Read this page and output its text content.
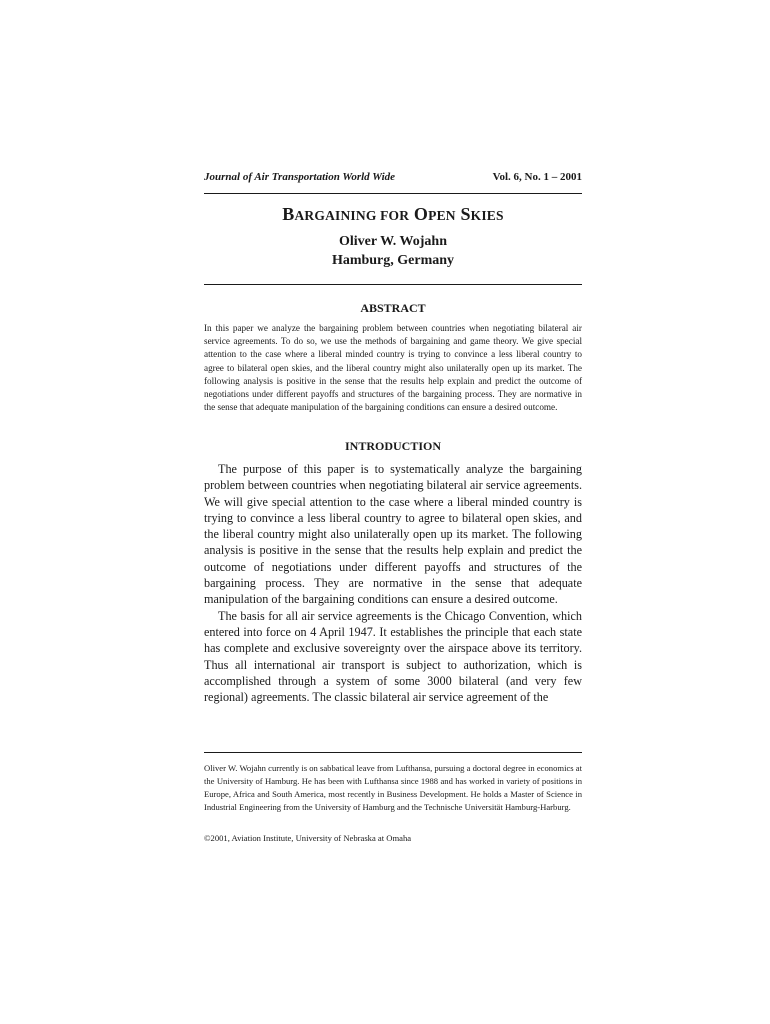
Journal of Air Transportation World Wide	Vol. 6, No. 1 – 2001
BARGAINING FOR OPEN SKIES
Oliver W. Wojahn
Hamburg, Germany
ABSTRACT
In this paper we analyze the bargaining problem between countries when negotiating bilateral air service agreements. To do so, we use the methods of bargaining and game theory. We give special attention to the case where a liberal minded country is trying to convince a less liberal country to agree to bilateral open skies, and the liberal country might also unilaterally open up its market. The following analysis is positive in the sense that the results help explain and predict the outcome of negotiations under different payoffs and structures of the bargaining process. They are normative in the sense that adequate manipulation of the bargaining conditions can ensure a desired outcome.
INTRODUCTION

The purpose of this paper is to systematically analyze the bargaining problem between countries when negotiating bilateral air service agreements. We will give special attention to the case where a liberal minded country is trying to convince a less liberal country to agree to bilateral open skies, and the liberal country might also unilaterally open up its market. The following analysis is positive in the sense that the results help explain and predict the outcome of negotiations under different payoffs and structures of the bargaining process. They are normative in the sense that adequate manipulation of the bargaining conditions can ensure a desired outcome.

The basis for all air service agreements is the Chicago Convention, which entered into force on 4 April 1947. It establishes the principle that each state has complete and exclusive sovereignty over the airspace above its territory. Thus all international air transport is subject to authorization, which is accomplished through a system of some 3000 bilateral (and very few regional) agreements. The classic bilateral air service agreement of the

Oliver W. Wojahn currently is on sabbatical leave from Lufthansa, pursuing a doctoral degree in economics at the University of Hamburg. He has been with Lufthansa since 1988 and has worked in variety of positions in Europe, Africa and South America, most recently in Business Development. He holds a Master of Science in Industrial Engineering from the University of Hamburg and the Technische Universität Hamburg-Harburg.

©2001, Aviation Institute, University of Nebraska at Omaha
